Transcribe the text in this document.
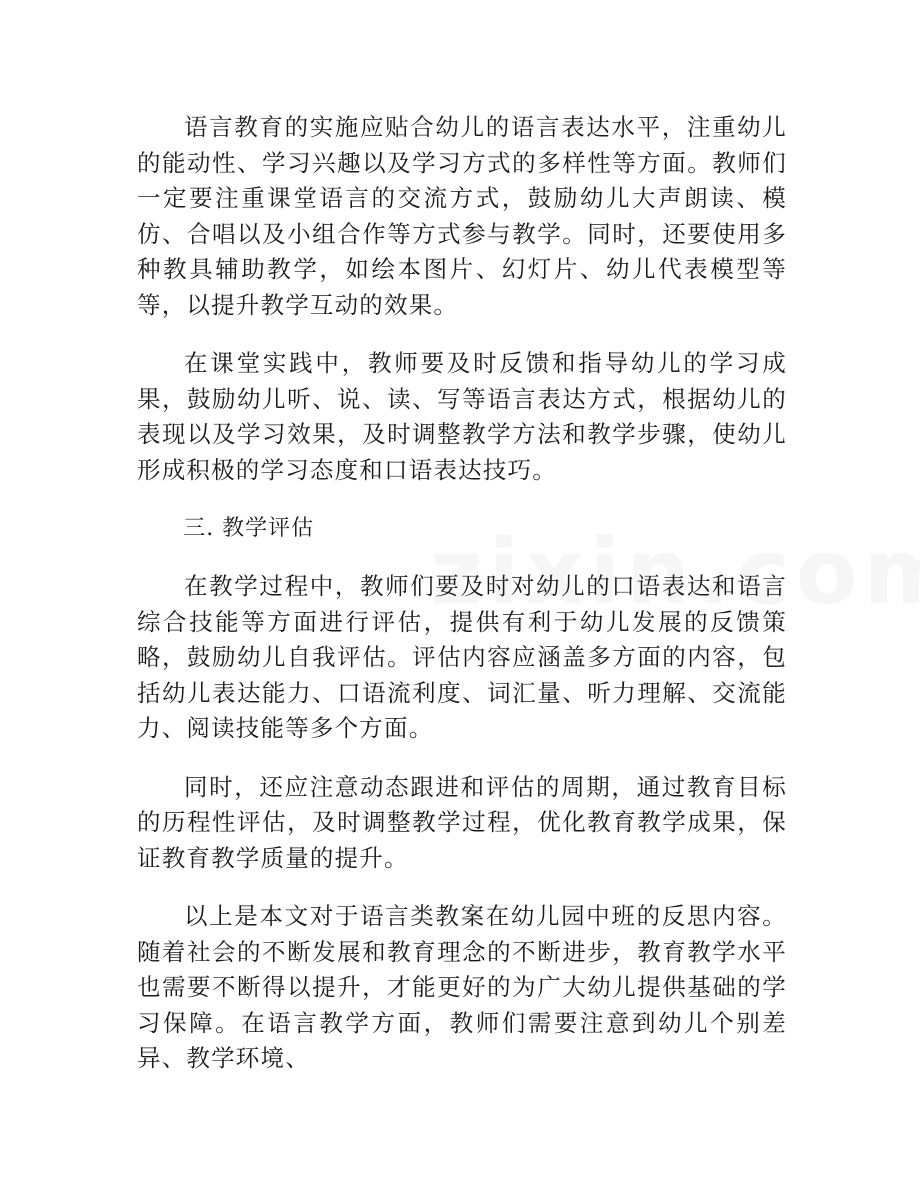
语言教育的实施应贴合幼儿的语言表达水平，注重幼儿的能动性、学习兴趣以及学习方式的多样性等方面。教师们一定要注重课堂语言的交流方式，鼓励幼儿大声朗读、模仿、合唱以及小组合作等方式参与教学。同时，还要使用多种教具辅助教学，如绘本图片、幻灯片、幼儿代表模型等等，以提升教学互动的效果。

在课堂实践中，教师要及时反馈和指导幼儿的学习成果，鼓励幼儿听、说、读、写等语言表达方式，根据幼儿的表现以及学习效果，及时调整教学方法和教学步骤，使幼儿形成积极的学习态度和口语表达技巧。

三. 教学评估

在教学过程中，教师们要及时对幼儿的口语表达和语言综合技能等方面进行评估，提供有利于幼儿发展的反馈策略，鼓励幼儿自我评估。评估内容应涵盖多方面的内容，包括幼儿表达能力、口语流利度、词汇量、听力理解、交流能力、阅读技能等多个方面。

同时，还应注意动态跟进和评估的周期，通过教育目标的历程性评估，及时调整教学过程，优化教育教学成果，保证教育教学质量的提升。

以上是本文对于语言类教案在幼儿园中班的反思内容。随着社会的不断发展和教育理念的不断进步，教育教学水平也需要不断得以提升，才能更好的为广大幼儿提供基础的学习保障。在语言教学方面，教师们需要注意到幼儿个别差异、教学环境、
